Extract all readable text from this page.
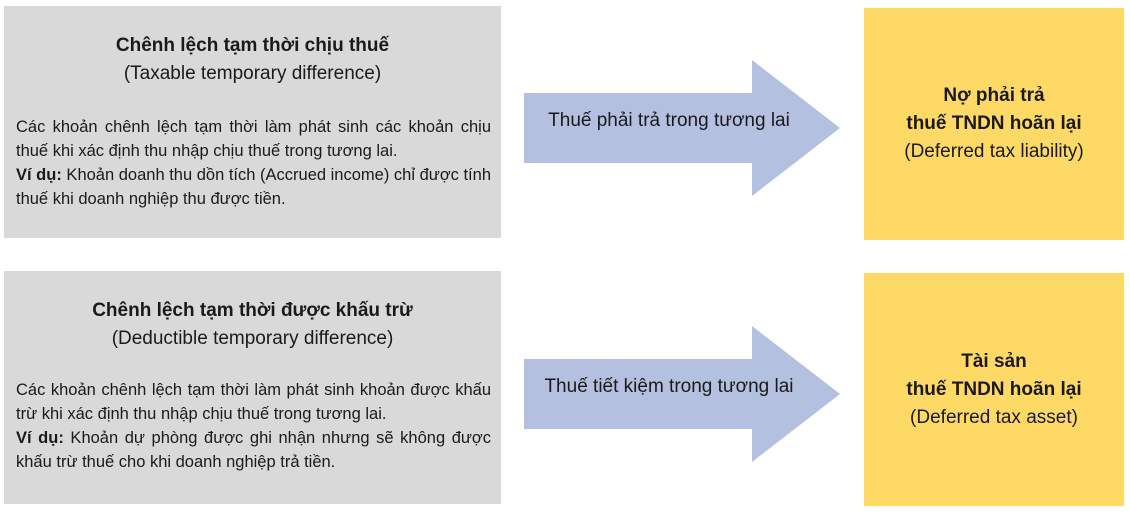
Chênh lệch tạm thời chịu thuế
(Taxable temporary difference)
Các khoản chênh lệch tạm thời làm phát sinh các khoản chịu thuế khi xác định thu nhập chịu thuế trong tương lai.
Ví dụ: Khoản doanh thu dồn tích (Accrued income) chỉ được tính thuế khi doanh nghiệp thu được tiền.
Thuế phải trả trong tương lai
Nợ phải trả
thuế TNDN hoãn lại
(Deferred tax liability)
Chênh lệch tạm thời được khấu trừ
(Deductible temporary difference)
Các khoản chênh lệch tạm thời làm phát sinh khoản được khấu trừ khi xác định thu nhập chịu thuế trong tương lai.
Ví dụ: Khoản dự phòng được ghi nhận nhưng sẽ không được khấu trừ thuế cho khi doanh nghiệp trả tiền.
Thuế tiết kiệm trong tương lai
Tài sản
thuế TNDN hoãn lại
(Deferred tax asset)
